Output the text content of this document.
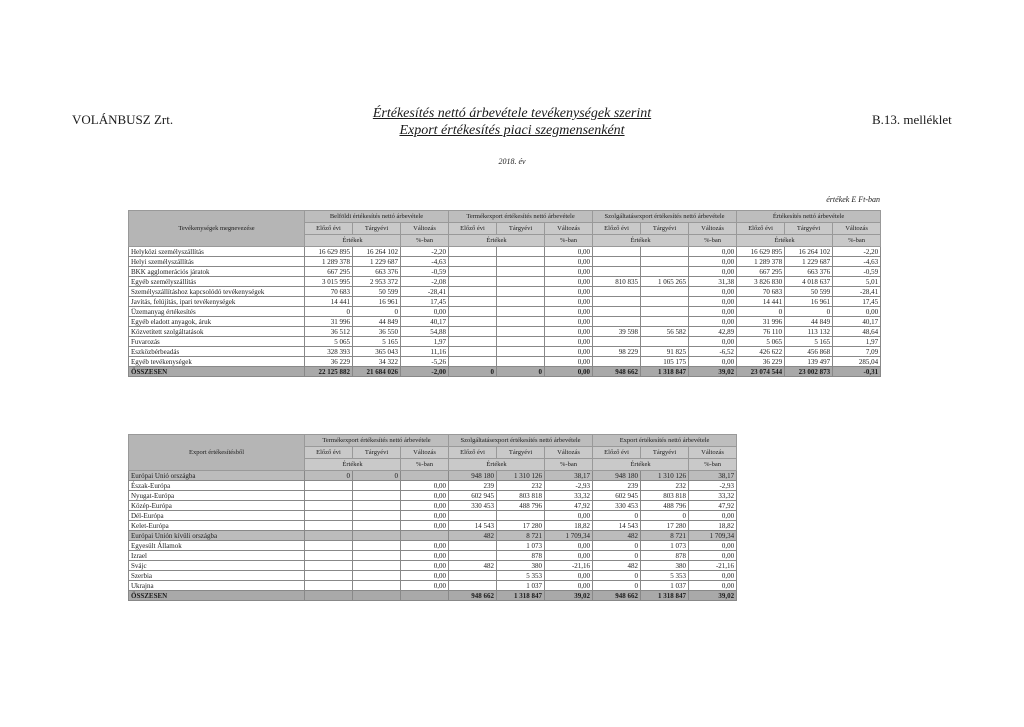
VOLÁNBUSZ Zrt.	Értékesítés nettó árbevétele tevékenységek szerint
Export értékesítés piaci szegmensenként
B.13. melléklet
2018. év
értékek E Ft-ban
Tevékenységek megnevezése	Belföldi értékesítés nettó árbevétele			Termékexport értékesítés nettó árbevétele			Szolgáltatásexport értékesítés nettó árbevétele			Értékesítés nettó árbevétele		
	Előző évi	Tárgyévi	Változás	Előző évi	Tárgyévi	Változás	Előző évi	Tárgyévi	Változás	Előző évi	Tárgyévi	Változás
	Értékek		%-ban	Értékek		%-ban	Értékek		%-ban	Értékek		%-ban
Helyközi személyszállítás	16 629 895	16 264 102	-2,20			0,00			0,00	16 629 895	16 264 102	-2,20
Helyi személyszállítás	1 289 378	1 229 687	-4,63			0,00			0,00	1 289 378	1 229 687	-4,63
BKK agglomerációs járatok	667 295	663 376	-0,59			0,00			0,00	667 295	663 376	-0,59
Egyéb személyszállítás	3 015 995	2 953 372	-2,08			0,00	810 835	1 065 265	31,38	3 826 830	4 018 637	5,01
Személyszállításhoz kapcsolódó tevékenységek	70 683	50 599	-28,41			0,00			0,00	70 683	50 599	-28,41
Javítás, felújítás, ipari tevékenységek	14 441	16 961	17,45			0,00			0,00	14 441	16 961	17,45
Üzemanyag értékesítés	0	0	0,00			0,00			0,00	0	0	0,00
Egyéb eladott anyagok, áruk	31 996	44 849	40,17			0,00			0,00	31 996	44 849	40,17
Közvetített szolgáltatások	36 512	36 550	54,88			0,00	39 598	56 582	42,89	76 110	113 132	48,64
Fuvarozás	5 065	5 165	1,97			0,00			0,00	5 065	5 165	1,97
Eszközbérbeadás	328 393	365 043	11,16			0,00	98 229	91 825	-6,52	426 622	456 868	7,09
Egyéb tevékenységek	36 229	34 322	-5,26			0,00		105 175	0,00	36 229	139 497	285,04
ÖSSZESEN	22 125 882	21 684 026	-2,00	0	0	0,00	948 662	1 318 847	39,02	23 074 544	23 002 873	-0,31
Export értékesítésből	Termékexport értékesítés nettó árbevétele			Szolgáltatásexport értékesítés nettó árbevétele			Export értékesítés nettó árbevétele		
	Előző évi	Tárgyévi	Változás	Előző évi	Tárgyévi	Változás	Előző évi	Tárgyévi	Változás
	Értékek		%-ban	Értékek		%-ban	Értékek		%-ban
Európai Unió országba	0	0		948 180	1 310 126	38,17	948 180	1 310 126	38,17
Észak-Európa			0,00	239	232	-2,93	239	232	-2,93
Nyugat-Európa			0,00	602 945	803 818	33,32	602 945	803 818	33,32
Közép-Európa			0,00	330 453	488 796	47,92	330 453	488 796	47,92
Dél-Európa			0,00			0,00	0	0	0,00
Kelet-Európa			0,00	14 543	17 280	18,82	14 543	17 280	18,82
Európai Unión kívüli országba				482	8 721	1 709,34	482	8 721	1 709,34
Egyesült Államok			0,00		1 073	0,00	0	1 073	0,00
Izrael			0,00		878	0,00	0	878	0,00
Svájc			0,00	482	380	-21,16	482	380	-21,16
Szerbia			0,00		5 353	0,00	0	5 353	0,00
Ukrajna			0,00		1 037	0,00	0	1 037	0,00
ÖSSZESEN				948 662	1 318 847	39,02	948 662	1 318 847	39,02
